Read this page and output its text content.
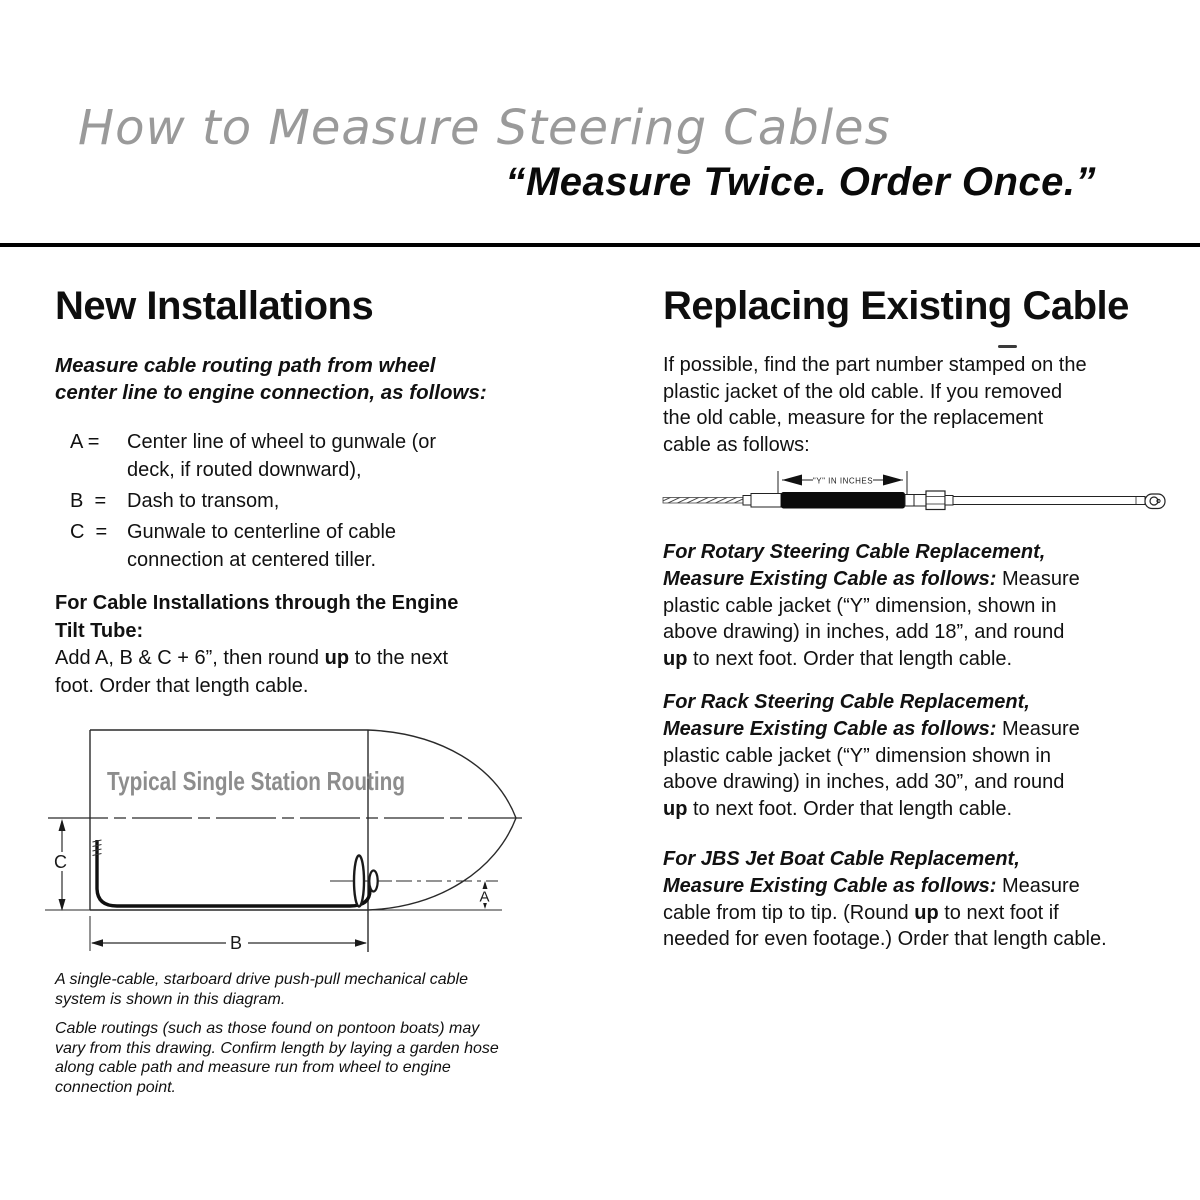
How to Measure Steering Cables
“Measure Twice. Order Once.”
New Installations
Measure cable routing path from wheel
center line to engine connection, as follows:
A =	Center line of wheel to gunwale (or
deck, if routed downward),
B  =	Dash to transom,
C  = Gunwale to centerline of cable
connection at centered tiller.
For Cable Installations through the Engine
Tilt Tube:
Add A, B & C + 6”, then round up to the next
foot. Order that length cable.
Typical Single Station Routing
C
B
A
A single-cable, starboard drive push-pull mechanical cable
system is shown in this diagram.
Cable routings (such as those found on pontoon boats) may
vary from this drawing. Confirm length by laying a garden hose
along cable path and measure run from wheel to engine
connection point.
Replacing Existing Cable
If possible, find the part number stamped on the
plastic jacket of the old cable. If you removed
the old cable, measure for the replacement
cable as follows:
"Y" IN INCHES
For Rotary Steering Cable Replacement,
Measure Existing Cable as follows: Measure
plastic cable jacket (“Y” dimension, shown in
above drawing) in inches, add 18”, and round
up to next foot. Order that length cable.
For Rack Steering Cable Replacement,
Measure Existing Cable as follows: Measure
plastic cable jacket (“Y” dimension shown in
above drawing) in inches, add 30”, and round
up to next foot. Order that length cable.
For JBS Jet Boat Cable Replacement,
Measure Existing Cable as follows: Measure
cable from tip to tip. (Round up to next foot if
needed for even footage.) Order that length cable.
